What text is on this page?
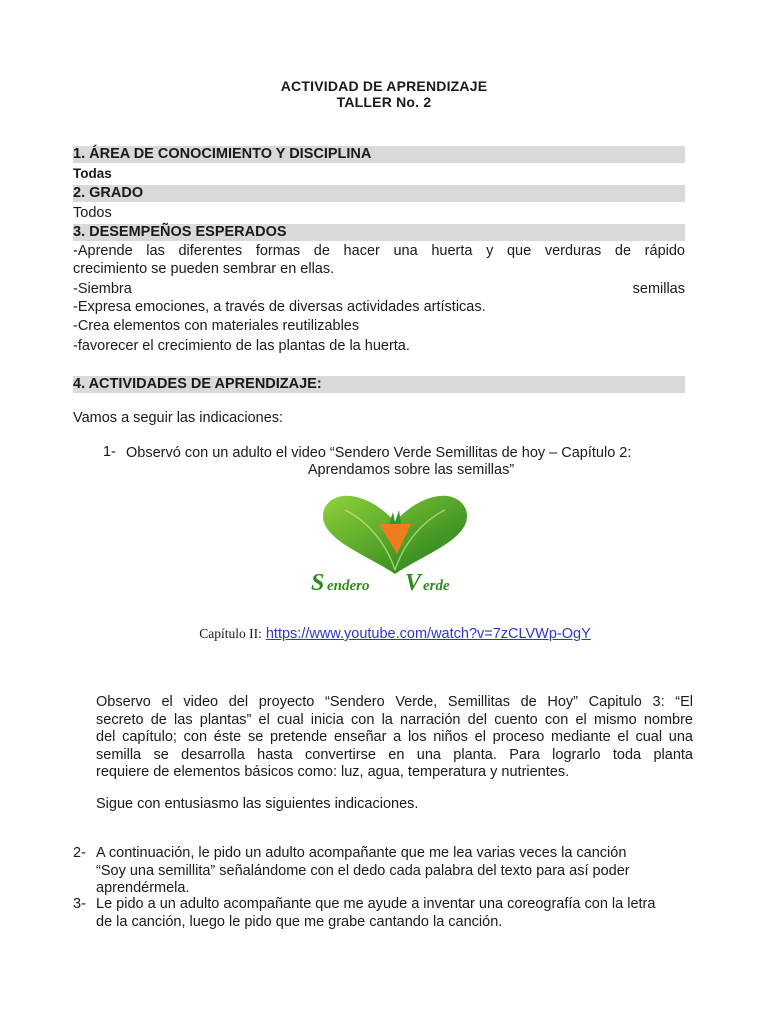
ACTIVIDAD DE APRENDIZAJE
TALLER No. 2
1. ÁREA DE CONOCIMIENTO Y DISCIPLINA
Todas
2. GRADO
Todos
3. DESEMPEÑOS ESPERADOS
-Aprende las diferentes formas de hacer una huerta y que verduras de rápido
crecimiento se pueden sembrar en ellas.
-Siembra	semillas
-Expresa emociones, a través de diversas actividades artísticas.
-Crea elementos con materiales reutilizables
-favorecer el crecimiento de las plantas de la huerta.
4. ACTIVIDADES DE APRENDIZAJE:
Vamos a seguir las indicaciones:
1- Observó con un adulto el video “Sendero Verde Semillitas de hoy – Capítulo 2:
Aprendamos sobre las semillas”
S endero V erde
Capítulo II: https://www.youtube.com/watch?v=7zCLVWp-OgY
Observo el video del proyecto “Sendero Verde, Semillitas de Hoy” Capitulo 3: “El
secreto de las plantas” el cual inicia con la narración del cuento con el mismo nombre
del capítulo; con éste se pretende enseñar a los niños el proceso mediante el cual una
semilla se desarrolla hasta convertirse en una planta. Para lograrlo toda planta
requiere de elementos básicos como: luz, agua, temperatura y nutrientes.
Sigue con entusiasmo las siguientes indicaciones.
2- A continuación, le pido un adulto acompañante que me lea varias veces la canción
“Soy una semillita” señalándome con el dedo cada palabra del texto para así poder
aprendérmela.
3- Le pido a un adulto acompañante que me ayude a inventar una coreografía con la letra
de la canción, luego le pido que me grabe cantando la canción.
